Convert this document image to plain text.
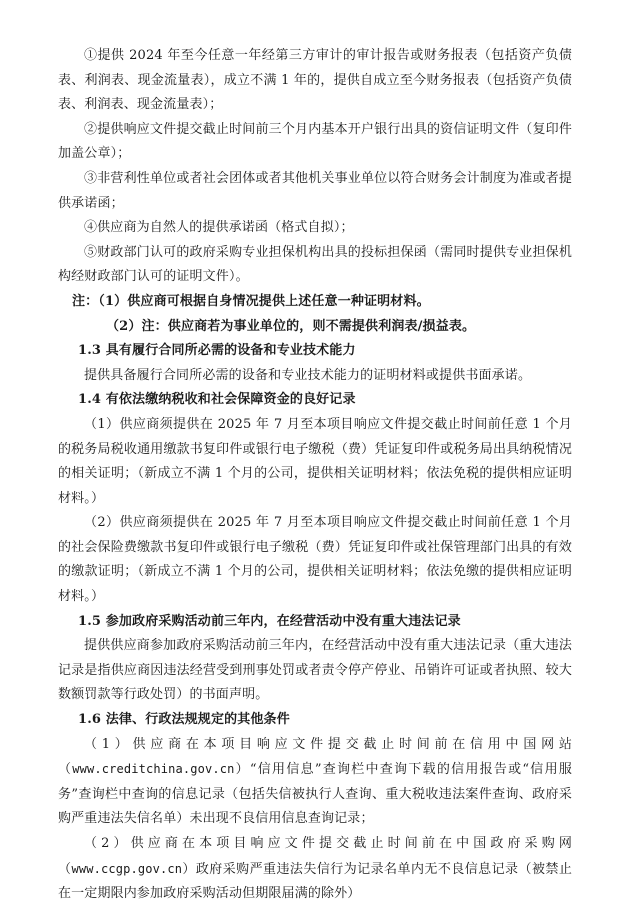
①提供 2024 年至今任意一年经第三方审计的审计报告或财务报表（包括资产负债表、利润表、现金流量表），成立不满 1 年的，提供自成立至今财务报表（包括资产负债表、利润表、现金流量表）；

②提供响应文件提交截止时间前三个月内基本开户银行出具的资信证明文件（复印件加盖公章）；

③非营利性单位或者社会团体或者其他机关事业单位以符合财务会计制度为准或者提供承诺函；

④供应商为自然人的提供承诺函（格式自拟）；

⑤财政部门认可的政府采购专业担保机构出具的投标担保函（需同时提供专业担保机构经财政部门认可的证明文件）。

注：（1）供应商可根据自身情况提供上述任意一种证明材料。

（2）注：供应商若为事业单位的，则不需提供利润表/损益表。

1.3 具有履行合同所必需的设备和专业技术能力

提供具备履行合同所必需的设备和专业技术能力的证明材料或提供书面承诺。

1.4 有依法缴纳税收和社会保障资金的良好记录

（1）供应商须提供在 2025 年 7 月至本项目响应文件提交截止时间前任意 1 个月的税务局税收通用缴款书复印件或银行电子缴税（费）凭证复印件或税务局出具纳税情况的相关证明；（新成立不满 1 个月的公司，提供相关证明材料；依法免税的提供相应证明材料。）

（2）供应商须提供在 2025 年 7 月至本项目响应文件提交截止时间前任意 1 个月的社会保险费缴款书复印件或银行电子缴税（费）凭证复印件或社保管理部门出具的有效的缴款证明；（新成立不满 1 个月的公司，提供相关证明材料；依法免缴的提供相应证明材料。）

1.5 参加政府采购活动前三年内，在经营活动中没有重大违法记录

提供供应商参加政府采购活动前三年内，在经营活动中没有重大违法记录（重大违法记录是指供应商因违法经营受到刑事处罚或者责令停产停业、吊销许可证或者执照、较大数额罚款等行政处罚）的书面声明。

1.6 法律、行政法规规定的其他条件

（1）供应商在本项目响应文件提交截止时间前在信用中国网站（www.creditchina.gov.cn）“信用信息”查询栏中查询下载的信用报告或“信用服务”查询栏中查询的信息记录（包括失信被执行人查询、重大税收违法案件查询、政府采购严重违法失信名单）未出现不良信用信息查询记录；

（2）供应商在本项目响应文件提交截止时间前在中国政府采购网（www.ccgp.gov.cn）政府采购严重违法失信行为记录名单内无不良信息记录（被禁止在一定期限内参加政府采购活动但期限届满的除外）
